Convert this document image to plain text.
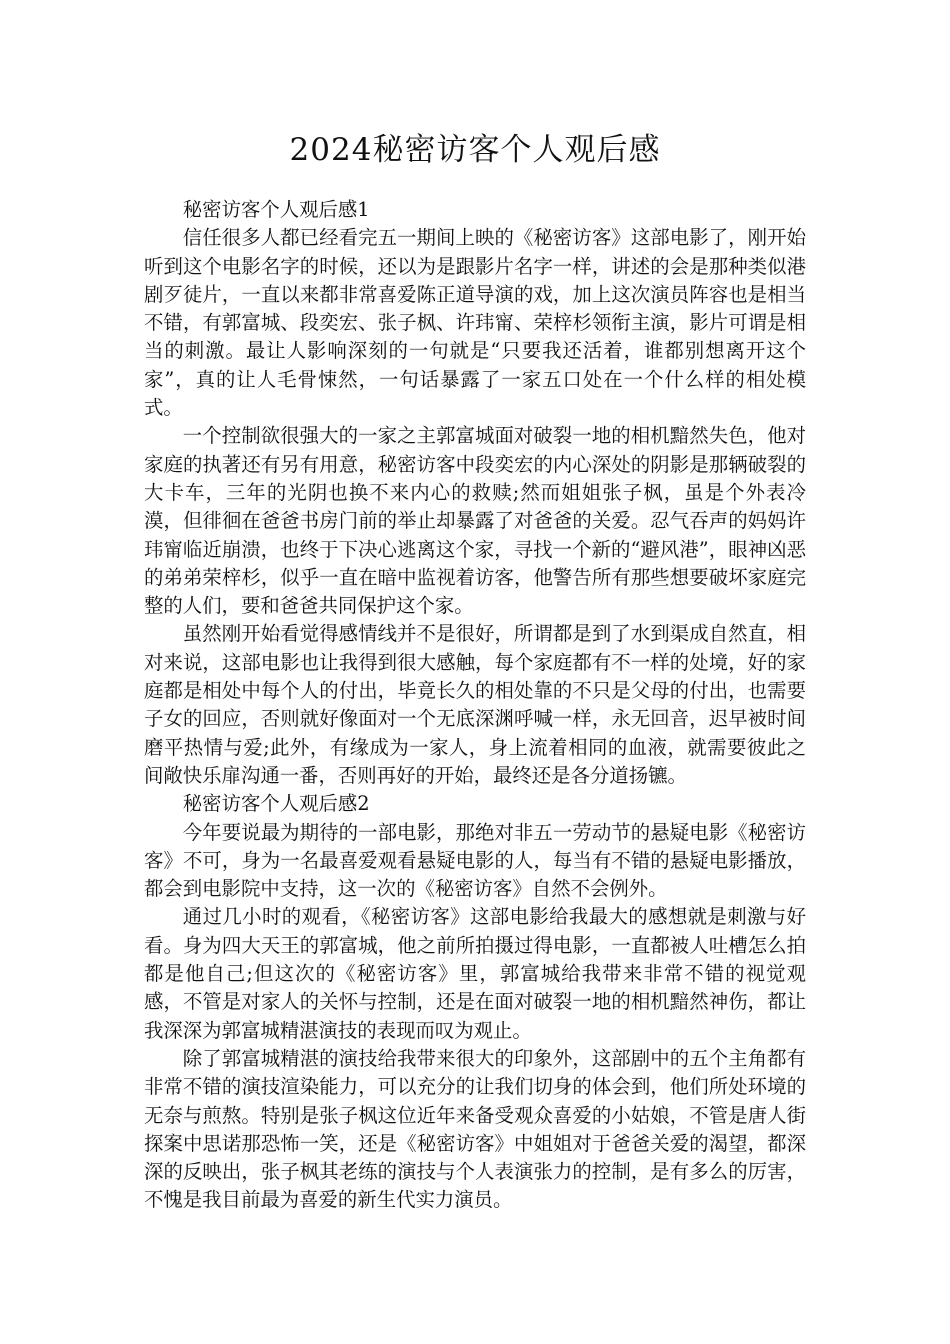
2024秘密访客个人观后感

秘密访客个人观后感1

信任很多人都已经看完五一期间上映的《秘密访客》这部电影了，刚开始听到这个电影名字的时候，还以为是跟影片名字一样，讲述的会是那种类似港剧歹徒片，一直以来都非常喜爱陈正道导演的戏，加上这次演员阵容也是相当不错，有郭富城、段奕宏、张子枫、许玮甯、荣梓杉领衔主演，影片可谓是相当的刺激。最让人影响深刻的一句就是“只要我还活着，谁都别想离开这个家”，真的让人毛骨悚然，一句话暴露了一家五口处在一个什么样的相处模式。

一个控制欲很强大的一家之主郭富城面对破裂一地的相机黯然失色，他对家庭的执著还有另有用意，秘密访客中段奕宏的内心深处的阴影是那辆破裂的大卡车，三年的光阴也换不来内心的救赎;然而姐姐张子枫，虽是个外表冷漠，但徘徊在爸爸书房门前的举止却暴露了对爸爸的关爱。忍气吞声的妈妈许玮甯临近崩溃，也终于下决心逃离这个家，寻找一个新的“避风港”，眼神凶恶的弟弟荣梓杉，似乎一直在暗中监视着访客，他警告所有那些想要破坏家庭完整的人们，要和爸爸共同保护这个家。

虽然刚开始看觉得感情线并不是很好，所谓都是到了水到渠成自然直，相对来说，这部电影也让我得到很大感触，每个家庭都有不一样的处境，好的家庭都是相处中每个人的付出，毕竟长久的相处靠的不只是父母的付出，也需要子女的回应，否则就好像面对一个无底深渊呼喊一样，永无回音，迟早被时间磨平热情与爱;此外，有缘成为一家人，身上流着相同的血液，就需要彼此之间敞快乐扉沟通一番，否则再好的开始，最终还是各分道扬镳。

秘密访客个人观后感2

今年要说最为期待的一部电影，那绝对非五一劳动节的悬疑电影《秘密访客》不可，身为一名最喜爱观看悬疑电影的人，每当有不错的悬疑电影播放，都会到电影院中支持，这一次的《秘密访客》自然不会例外。

通过几小时的观看，《秘密访客》这部电影给我最大的感想就是刺激与好看。身为四大天王的郭富城，他之前所拍摄过得电影，一直都被人吐槽怎么拍都是他自己;但这次的《秘密访客》里，郭富城给我带来非常不错的视觉观感，不管是对家人的关怀与控制，还是在面对破裂一地的相机黯然神伤，都让我深深为郭富城精湛演技的表现而叹为观止。

除了郭富城精湛的演技给我带来很大的印象外，这部剧中的五个主角都有非常不错的演技渲染能力，可以充分的让我们切身的体会到，他们所处环境的无奈与煎熬。特别是张子枫这位近年来备受观众喜爱的小姑娘，不管是唐人街探案中思诺那恐怖一笑，还是《秘密访客》中姐姐对于爸爸关爱的渴望，都深深的反映出，张子枫其老练的演技与个人表演张力的控制，是有多么的厉害，不愧是我目前最为喜爱的新生代实力演员。
